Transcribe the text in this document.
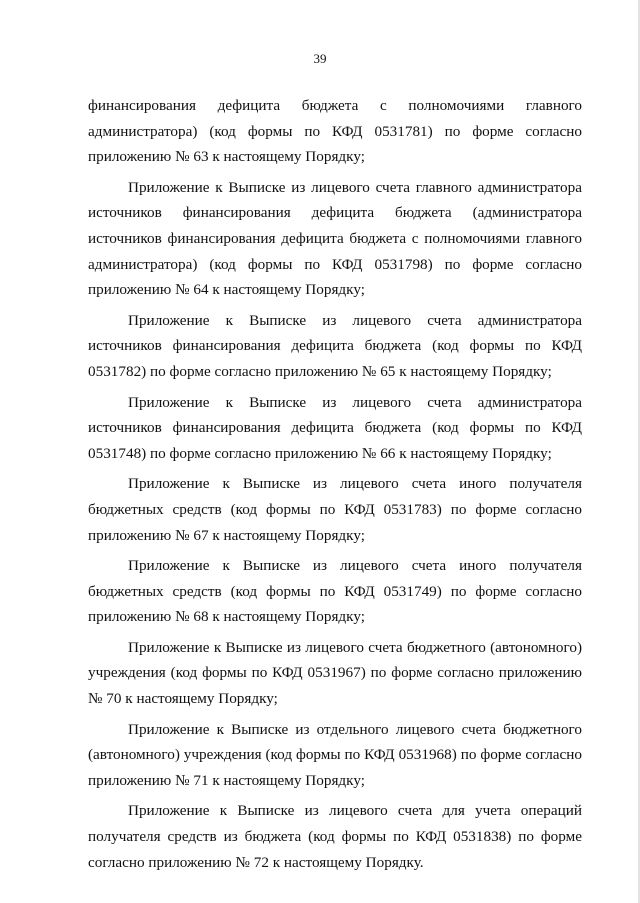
39

финансирования дефицита бюджета с полномочиями главного администратора) (код формы по КФД 0531781) по форме согласно приложению № 63 к настоящему Порядку;

Приложение к Выписке из лицевого счета главного администратора источников финансирования дефицита бюджета (администратора источников финансирования дефицита бюджета с полномочиями главного администратора) (код формы по КФД 0531798) по форме согласно приложению № 64 к настоящему Порядку;

Приложение к Выписке из лицевого счета администратора источников финансирования дефицита бюджета (код формы по КФД 0531782) по форме согласно приложению № 65 к настоящему Порядку;

Приложение к Выписке из лицевого счета администратора источников финансирования дефицита бюджета (код формы по КФД 0531748) по форме согласно приложению № 66 к настоящему Порядку;

Приложение к Выписке из лицевого счета иного получателя бюджетных средств (код формы по КФД 0531783) по форме согласно приложению № 67 к настоящему Порядку;

Приложение к Выписке из лицевого счета иного получателя бюджетных средств (код формы по КФД 0531749) по форме согласно приложению № 68 к настоящему Порядку;

Приложение к Выписке из лицевого счета бюджетного (автономного) учреждения (код формы по КФД 0531967) по форме согласно приложению № 70 к настоящему Порядку;

Приложение к Выписке из отдельного лицевого счета бюджетного (автономного) учреждения (код формы по КФД 0531968) по форме согласно приложению № 71 к настоящему Порядку;

Приложение к Выписке из лицевого счета для учета операций получателя средств из бюджета (код формы по КФД 0531838) по форме согласно приложению № 72 к настоящему Порядку.
